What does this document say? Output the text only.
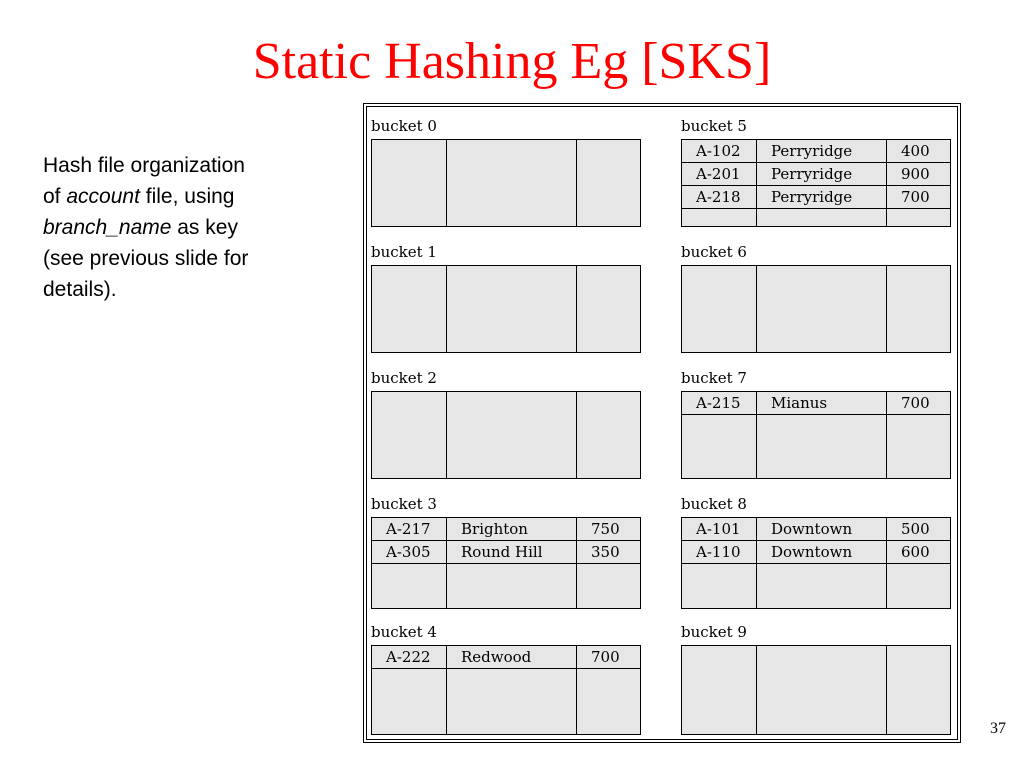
Static Hashing Eg [SKS]
Hash file organization
of account file, using
branch_name as key
(see previous slide for
details).
bucket 0
bucket 1
bucket 2
bucket 3
A-217	Brighton	750
A-305	Round Hill	350
bucket 4
A-222	Redwood	700
bucket 5
A-102	Perryridge	400
A-201	Perryridge	900
A-218	Perryridge	700
bucket 6
bucket 7
A-215	Mianus	700
bucket 8
A-101	Downtown	500
A-110	Downtown	600
bucket 9
37
